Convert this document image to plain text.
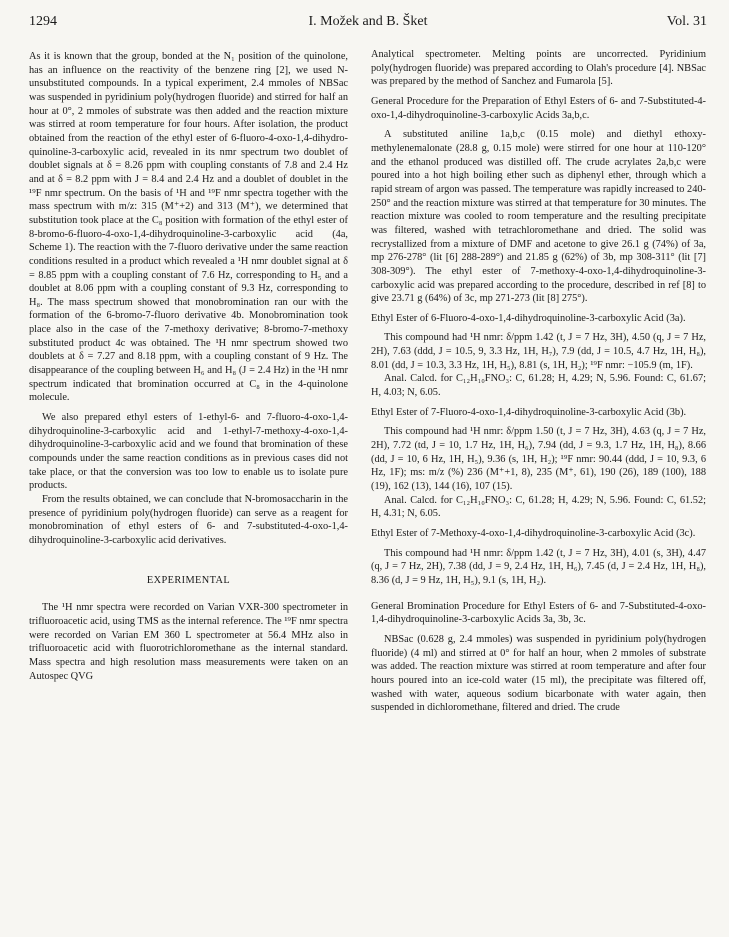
1294	I. Možek and B. Šket	Vol. 31

As it is known that the group, bonded at the N₁ position of the quinolone, has an influence on the reactivity of the benzene ring [2], we used N-unsubstituted compounds. In a typical experiment, 2.4 mmoles of NBSac was suspended in pyridinium poly(hydrogen fluoride) and stirred for half an hour at 0°, 2 mmoles of substrate was then added and the reaction mixture was stirred at room temperature for four hours. After isolation, the product obtained from the reaction of the ethyl ester of 6-fluoro-4-oxo-1,4-dihydroquinoline-3-carboxylic acid, revealed in its nmr spectrum two doublet of doublet signals at δ = 8.26 ppm with coupling constants of 7.8 and 2.4 Hz and at δ = 8.2 ppm with J = 8.4 and 2.4 Hz and a doublet of doublet in the ¹⁹F nmr spectrum. On the basis of ¹H and ¹⁹F nmr spectra together with the mass spectrum with m/z: 315 (M⁺+2) and 313 (M⁺), we determined that substitution took place at the C₈ position with formation of the ethyl ester of 8-bromo-6-fluoro-4-oxo-1,4-dihydroquinoline-3-carboxylic acid (4a, Scheme 1). The reaction with the 7-fluoro derivative under the same reaction conditions resulted in a product which revealed a ¹H nmr doublet signal at δ = 8.85 ppm with a coupling constant of 7.6 Hz, corresponding to H₅ and a doublet at 8.06 ppm with a coupling constant of 9.3 Hz, corresponding to H₈. The mass spectrum showed that monobromination ran our with the formation of the 6-bromo-7-fluoro derivative 4b. Monobromination took place also in the case of the 7-methoxy derivative; 8-bromo-7-methoxy substituted product 4c was obtained. The ¹H nmr spectrum showed two doublets at δ = 7.27 and 8.18 ppm, with a coupling constant of 9 Hz. The disappearance of the coupling between H₆ and H₈ (J = 2.4 Hz) in the ¹H nmr spectrum indicated that bromination occurred at C₈ in the 4-quinolone molecule.

We also prepared ethyl esters of 1-ethyl-6- and 7-fluoro-4-oxo-1,4-dihydroquinoline-3-carboxylic acid and 1-ethyl-7-methoxy-4-oxo-1,4-dihydroquinoline-3-carboxylic acid and we found that bromination of these compounds under the same reaction conditions as in previous cases did not take place, or that the conversion was too low to enable us to isolate pure products.

From the results obtained, we can conclude that N-bromosaccharin in the presence of pyridinium poly(hydrogen fluoride) can serve as a reagent for monobromination of ethyl esters of 6- and 7-substituted-4-oxo-1,4-dihydroquinoline-3-carboxylic acid derivatives.

EXPERIMENTAL

The ¹H nmr spectra were recorded on Varian VXR-300 spectrometer in trifluoroacetic acid, using TMS as the internal reference. The ¹⁹F nmr spectra were recorded on Varian EM 360 L spectrometer at 56.4 MHz also in trifluoroacetic acid with fluorotrichloromethane as the internal standard. Mass spectra and high resolution mass measurements were taken on an Autospec QVG

Analytical spectrometer. Melting points are uncorrected. Pyridinium poly(hydrogen fluoride) was prepared according to Olah's procedure [4]. NBSac was prepared by the method of Sanchez and Fumarola [5].

General Procedure for the Preparation of Ethyl Esters of 6- and 7-Substituted-4-oxo-1,4-dihydroquinoline-3-carboxylic Acids 3a,b,c.

A substituted aniline 1a,b,c (0.15 mole) and diethyl ethoxymethylenemalonate (28.8 g, 0.15 mole) were stirred for one hour at 110-120° and the ethanol produced was distilled off. The crude acrylates 2a,b,c were poured into a hot high boiling ether such as diphenyl ether, through which a rapid stream of argon was passed. The temperature was rapidly increased to 240-250° and the reaction mixture was stirred at that temperature for 30 minutes. The reaction mixture was cooled to room temperature and the resulting precipitate was filtered, washed with tetrachloromethane and dried. The solid was recrystallized from a mixture of DMF and acetone to give 26.1 g (74%) of 3a, mp 276-278° (lit [6] 288-289°) and 21.85 g (62%) of 3b, mp 308-311° (lit [7] 308-309°). The ethyl ester of 7-methoxy-4-oxo-1,4-dihydroquinoline-3-carboxylic acid was prepared according to the procedure, described in ref [8] to give 23.71 g (64%) of 3c, mp 271-273 (lit [8] 275°).

Ethyl Ester of 6-Fluoro-4-oxo-1,4-dihydroquinoline-3-carboxylic Acid (3a).

This compound had ¹H nmr: δ/ppm 1.42 (t, J = 7 Hz, 3H), 4.50 (q, J = 7 Hz, 2H), 7.63 (ddd, J = 10.5, 9, 3.3 Hz, 1H, H₇), 7.9 (dd, J = 10.5, 4.7 Hz, 1H, H₈), 8.01 (dd, J = 10.3, 3.3 Hz, 1H, H₅), 8.81 (s, 1H, H₂); ¹⁹F nmr: −105.9 (m, 1F).

Anal. Calcd. for C₁₂H₁₀FNO₃: C, 61.28; H, 4.29; N, 5.96. Found: C, 61.67; H, 4.03; N, 6.05.

Ethyl Ester of 7-Fluoro-4-oxo-1,4-dihydroquinoline-3-carboxylic Acid (3b).

This compound had ¹H nmr: δ/ppm 1.50 (t, J = 7 Hz, 3H), 4.63 (q, J = 7 Hz, 2H), 7.72 (td, J = 10, 1.7 Hz, 1H, H₆), 7.94 (dd, J = 9.3, 1.7 Hz, 1H, H₈), 8.66 (dd, J = 10, 6 Hz, 1H, H₅), 9.36 (s, 1H, H₂); ¹⁹F nmr: 90.44 (ddd, J = 10, 9.3, 6 Hz, 1F); ms: m/z (%) 236 (M⁺+1, 8), 235 (M⁺, 61), 190 (26), 189 (100), 188 (19), 162 (13), 144 (16), 107 (15).

Anal. Calcd. for C₁₂H₁₀FNO₃: C, 61.28; H, 4.29; N, 5.96. Found: C, 61.52; H, 4.31; N, 6.05.

Ethyl Ester of 7-Methoxy-4-oxo-1,4-dihydroquinoline-3-carboxylic Acid (3c).

This compound had ¹H nmr: δ/ppm 1.42 (t, J = 7 Hz, 3H), 4.01 (s, 3H), 4.47 (q, J = 7 Hz, 2H), 7.38 (dd, J = 9, 2.4 Hz, 1H, H₆), 7.45 (d, J = 2.4 Hz, 1H, H₈), 8.36 (d, J = 9 Hz, 1H, H₅), 9.1 (s, 1H, H₂).

General Bromination Procedure for Ethyl Esters of 6- and 7-Substituted-4-oxo-1,4-dihydroquinoline-3-carboxylic Acids 3a, 3b, 3c.

NBSac (0.628 g, 2.4 mmoles) was suspended in pyridinium poly(hydrogen fluoride) (4 ml) and stirred at 0° for half an hour, when 2 mmoles of substrate was added. The reaction mixture was stirred at room temperature and after four hours poured into an ice-cold water (15 ml), the precipitate was filtered off, washed with water, aqueous sodium bicarbonate with water again, then suspended in dichloromethane, filtered and dried. The crude
